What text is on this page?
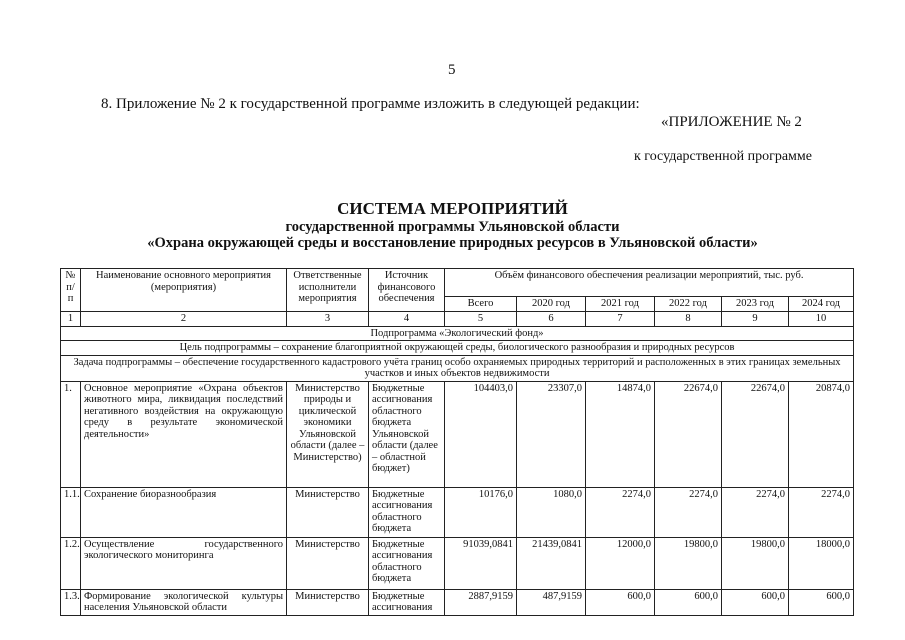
5
8. Приложение № 2 к государственной программе изложить в следующей редакции:
«ПРИЛОЖЕНИЕ № 2
к государственной программе
СИСТЕМА МЕРОПРИЯТИЙ
государственной программы Ульяновской области
«Охрана окружающей среды и восстановление природных ресурсов в Ульяновской области»
№ п/п	Наименование основного мероприятия (мероприятия)	Ответственные исполнители мероприятия	Источник финансового обеспечения	Объём финансового обеспечения реализации мероприятий, тыс. руб.					
				Всего	2020 год	2021 год	2022 год	2023 год	2024 год
1	2	3	4	5	6	7	8	9	10
Подпрограмма «Экологический фонд»									
Цель подпрограммы – сохранение благоприятной окружающей среды, биологического разнообразия и природных ресурсов									
Задача подпрограммы – обеспечение государственного кадастрового учёта границ особо охраняемых природных территорий и расположенных в этих границах земельных участков и иных объектов недвижимости									
1.	Основное мероприятие «Охрана объектов животного мира, ликвидация последствий негативного воздействия на окружающую среду в результате экономической деятельности»	Министерство природы и циклической экономики Ульяновской области (далее – Министерство)	Бюджетные ассигнования областного бюджета Ульяновской области (далее – областной бюджет)	104403,0	23307,0	14874,0	22674,0	22674,0	20874,0
1.1.	Сохранение биоразнообразия	Министерство	Бюджетные ассигнования областного бюджета	10176,0	1080,0	2274,0	2274,0	2274,0	2274,0
1.2.	Осуществление государственного экологического мониторинга	Министерство	Бюджетные ассигнования областного бюджета	91039,0841	21439,0841	12000,0	19800,0	19800,0	18000,0
1.3.	Формирование экологической культуры населения Ульяновской области	Министерство	Бюджетные ассигнования	2887,9159	487,9159	600,0	600,0	600,0	600,0
